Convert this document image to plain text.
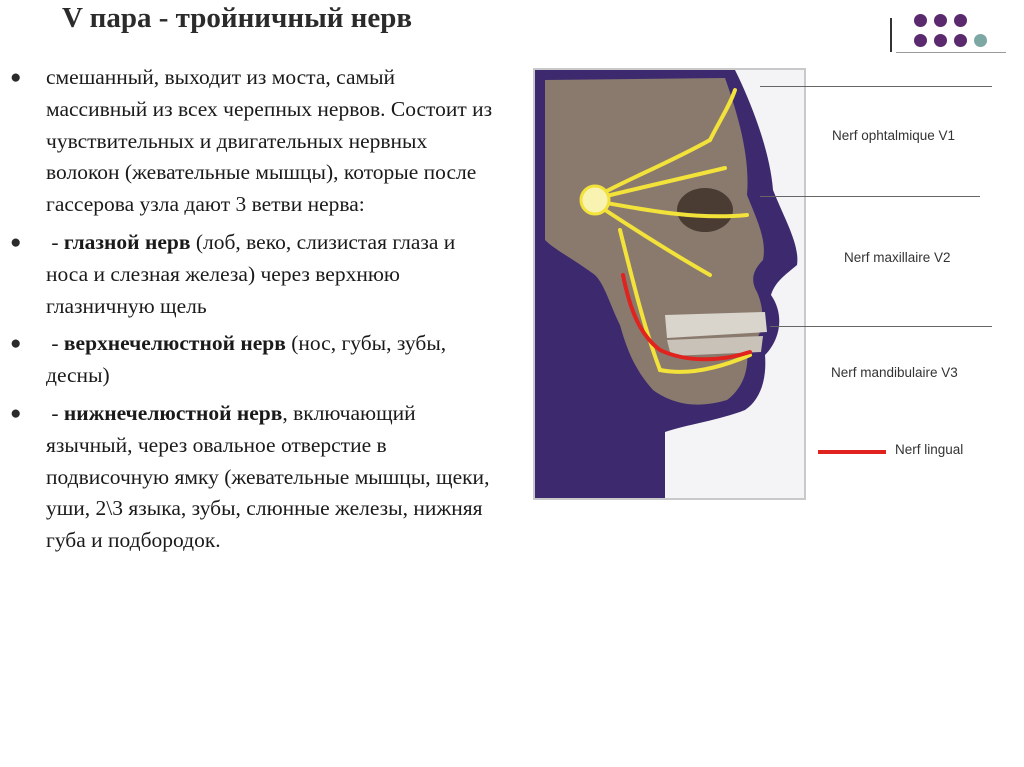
V пара - тройничный нерв
● смешанный, выходит из моста, самый массивный из всех черепных нервов. Состоит из чувствительных и двигательных нервных волокон (жевательные мышцы), которые после гассерова узла дают 3 ветви нерва:
● - глазной нерв (лоб, веко, слизистая глаза и носа и слезная железа) через верхнюю глазничную щель
● - верхнечелюстной нерв (нос, губы, зубы, десны)
● - нижнечелюстной нерв, включающий язычный, через овальное отверстие в подвисочную ямку (жевательные мышцы, щеки, уши, 2\3 языка, зубы, слюнные железы, нижняя губа и подбородок.
Nerf ophtalmique V1
Nerf maxillaire V2
Nerf mandibulaire V3
Nerf lingual
